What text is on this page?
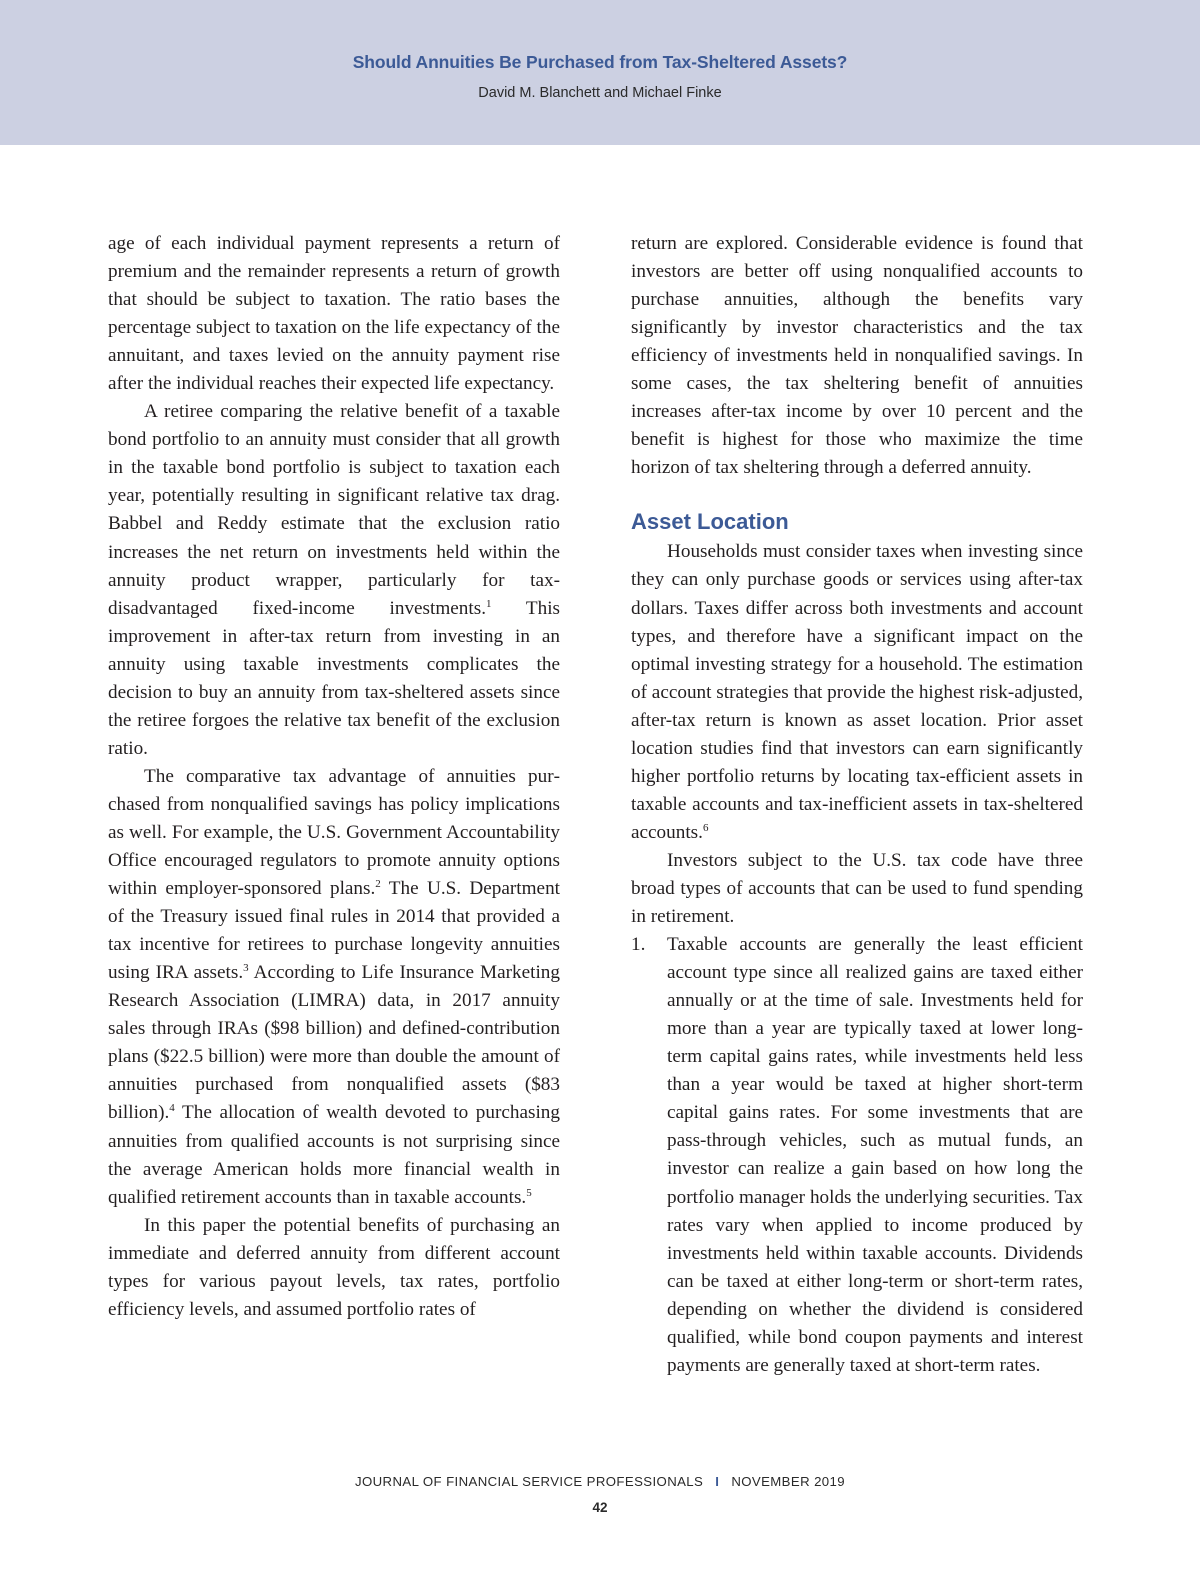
Should Annuities Be Purchased from Tax-Sheltered Assets?
David M. Blanchett and Michael Finke

age of each individual payment represents a return of premium and the remainder represents a return of growth that should be subject to taxation. The ratio bases the percentage subject to taxation on the life expectancy of the annuitant, and taxes levied on the annuity payment rise after the individual reaches their expected life expectancy.

A retiree comparing the relative benefit of a taxable bond portfolio to an annuity must consider that all growth in the taxable bond portfolio is subject to taxation each year, potentially resulting in significant relative tax drag. Babbel and Reddy estimate that the exclusion ratio increases the net return on investments held within the annuity product wrapper, particularly for tax-disadvantaged fixed-income investments.$^1$ This improvement in after-tax return from investing in an annuity using taxable investments complicates the decision to buy an annuity from tax-sheltered assets since the retiree forgoes the relative tax benefit of the exclusion ratio.

The comparative tax advantage of annuities purchased from nonqualified savings has policy implications as well. For example, the U.S. Government Accountability Office encouraged regulators to promote annuity options within employer-sponsored plans.$^2$ The U.S. Department of the Treasury issued final rules in 2014 that provided a tax incentive for retirees to purchase longevity annuities using IRA assets.$^3$ According to Life Insurance Marketing Research Association (LIMRA) data, in 2017 annuity sales through IRAs ($98 billion) and defined-contribution plans ($22.5 billion) were more than double the amount of annuities purchased from nonqualified assets ($83 billion).$^4$ The allocation of wealth devoted to purchasing annuities from qualified accounts is not surprising since the average American holds more financial wealth in qualified retirement accounts than in taxable accounts.$^5$

In this paper the potential benefits of purchasing an immediate and deferred annuity from different account types for various payout levels, tax rates, portfolio efficiency levels, and assumed portfolio rates of

return are explored. Considerable evidence is found that investors are better off using nonqualified accounts to purchase annuities, although the benefits vary significantly by investor characteristics and the tax efficiency of investments held in nonqualified savings. In some cases, the tax sheltering benefit of annuities increases after-tax income by over 10 percent and the benefit is highest for those who maximize the time horizon of tax sheltering through a deferred annuity.

Asset Location

Households must consider taxes when investing since they can only purchase goods or services using after-tax dollars. Taxes differ across both investments and account types, and therefore have a significant impact on the optimal investing strategy for a household. The estimation of account strategies that provide the highest risk-adjusted, after-tax return is known as asset location. Prior asset location studies find that investors can earn significantly higher portfolio returns by locating tax-efficient assets in taxable accounts and tax-inefficient assets in tax-sheltered accounts.$^6$

Investors subject to the U.S. tax code have three broad types of accounts that can be used to fund spending in retirement.

1. Taxable accounts are generally the least efficient account type since all realized gains are taxed either annually or at the time of sale. Investments held for more than a year are typically taxed at lower long-term capital gains rates, while investments held less than a year would be taxed at higher short-term capital gains rates. For some investments that are pass-through vehicles, such as mutual funds, an investor can realize a gain based on how long the portfolio manager holds the underlying securities. Tax rates vary when applied to income produced by investments held within taxable accounts. Dividends can be taxed at either long-term or short-term rates, depending on whether the dividend is considered qualified, while bond coupon payments and interest payments are generally taxed at short-term rates.
JOURNAL OF FINANCIAL SERVICE PROFESSIONALS I NOVEMBER 2019
42
